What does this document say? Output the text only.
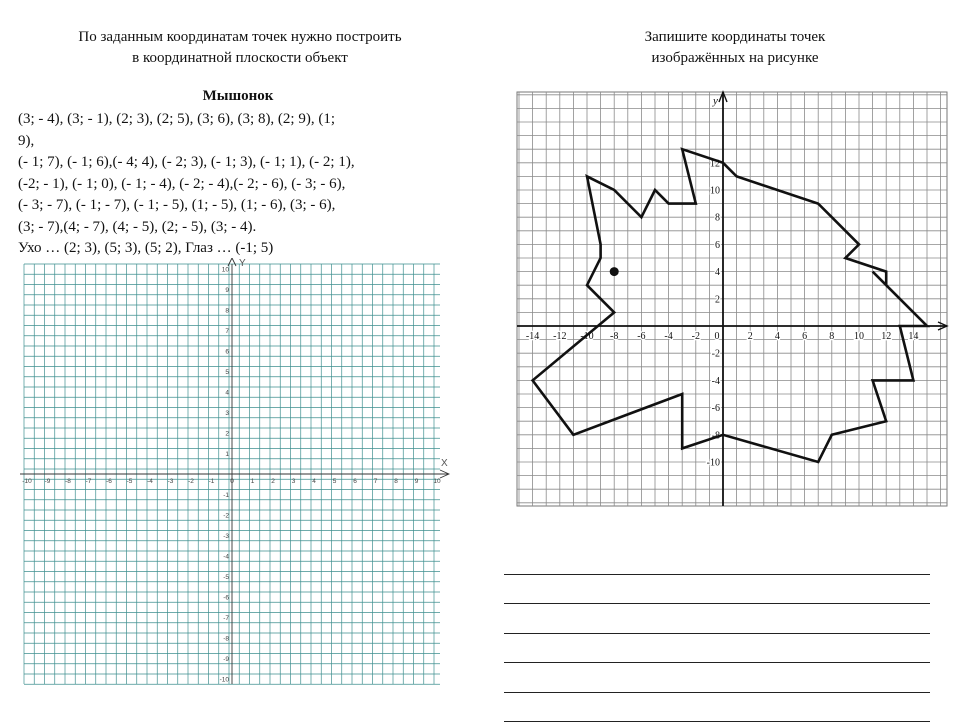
По заданным координатам точек нужно построить
в координатной плоскости объект
Мышонок
(3; - 4), (3; - 1), (2; 3), (2; 5), (3; 6), (3; 8), (2; 9), (1;
9),
(- 1; 7), (- 1; 6),(- 4; 4), (- 2; 3), (- 1; 3), (- 1; 1), (- 2; 1),
(-2; - 1), (- 1; 0), (- 1; - 4), (- 2; - 4),(- 2; - 6), (- 3; - 6),
(- 3; - 7), (- 1; - 7), (- 1; - 5), (1; - 5), (1; - 6), (3; - 6),
(3; - 7),(4; - 7), (4; - 5), (2; - 5), (3; - 4).
Ухо … (2; 3), (5; 3), (5; 2), Глаз … (-1; 5)
Запишите координаты точек
изображённых на рисунке
X
Y
-10 -9 -8 -7 -6 -5 -4 -3 -2 -1 0	1	2	3	4	5	6	7	8	9 10
10
9
8
7
6
5
4
3
2
1
-1
-2
-3
-4
-5
-6
-7
-8
-9
-10
y
-14 -12 -10 -8 -6 -4 -2 0	2 4 6 8 10 12 14
12
10
8
6
4
2
-2
-4
-6
-8
-10
